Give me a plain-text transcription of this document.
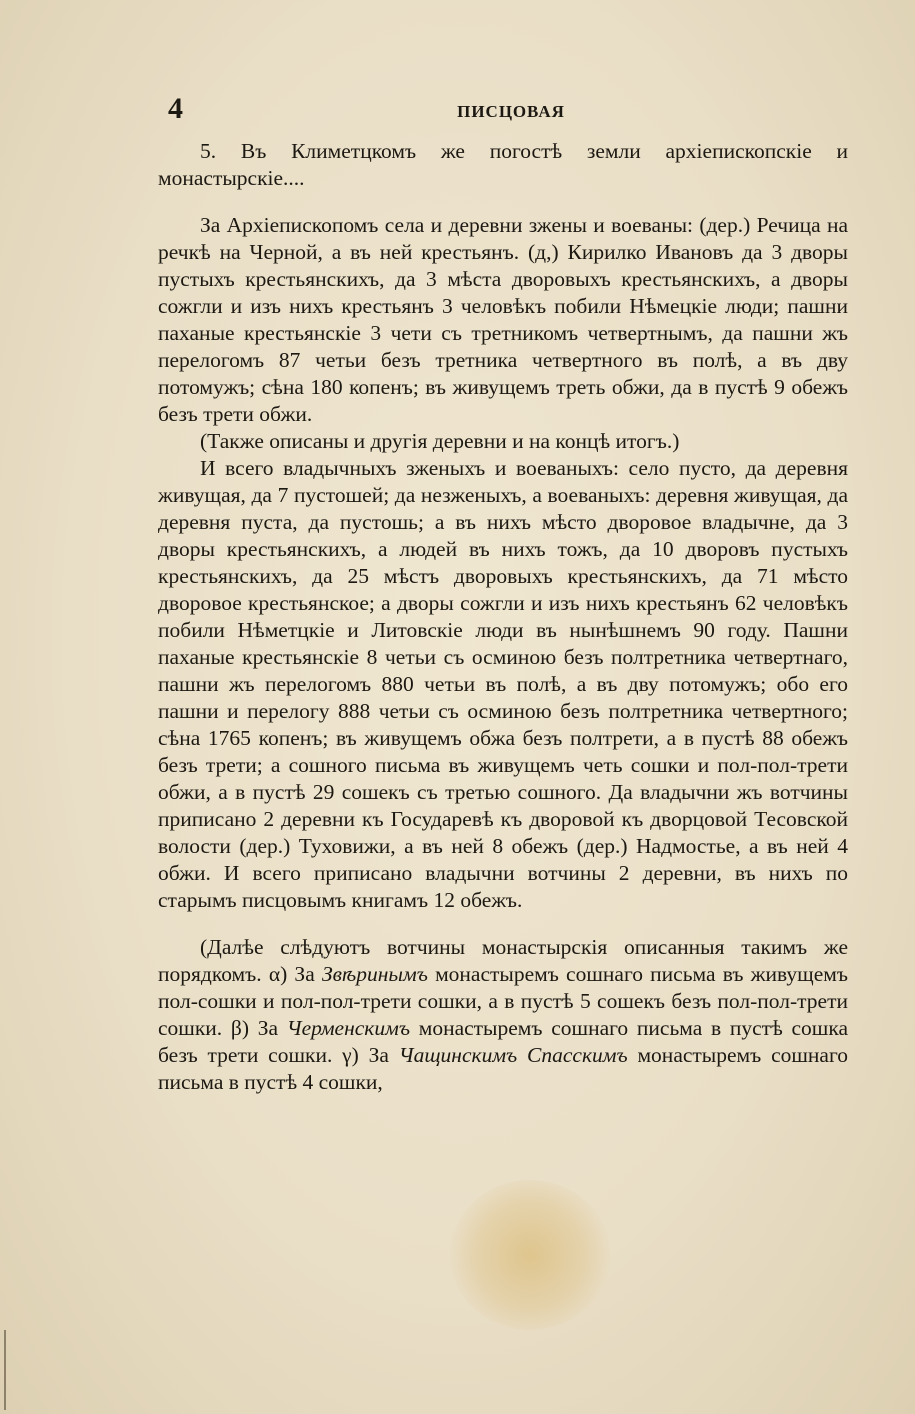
4	ПИСЦОВАЯ

5. Въ Климетцкомъ же погостѣ земли архіепископскіе и монастырскіе....

За Архіепископомъ села и деревни зжены и воеваны: (дер.) Речица на речкѣ на Черной, а въ ней крестьянъ. (д,) Кирилко Ивановъ да 3 дворы пустыхъ крестьянскихъ, да 3 мѣста дворовыхъ крестьянскихъ, а дворы сожгли и изъ нихъ крестьянъ 3 человѣкъ побили Нѣмецкіе люди; пашни паханые крестьянскіе 3 чети съ третникомъ четвертнымъ, да пашни жъ перелогомъ 87 четьи безъ третника четвертного въ полѣ, а въ дву потомужъ; сѣна 180 копенъ; въ живущемъ треть обжи, да в пустѣ 9 обежъ безъ трети обжи.

(Также описаны и другія деревни и на концѣ итогъ.)

И всего владычныхъ зженыхъ и воеваныхъ: село пусто, да деревня живущая, да 7 пустошей; да незженыхъ, а воеваныхъ: деревня живущая, да деревня пуста, да пустошь; а въ нихъ мѣсто дворовое владычне, да 3 дворы крестьянскихъ, а людей въ нихъ тожъ, да 10 дворовъ пустыхъ крестьянскихъ, да 25 мѣстъ дворовыхъ крестьянскихъ, да 71 мѣсто дворовое крестьянское; а дворы сожгли и изъ нихъ крестьянъ 62 человѣкъ побили Нѣметцкіе и Литовскіе люди въ нынѣшнемъ 90 году. Пашни паханые крестьянскіе 8 четьи съ осминою безъ полтретника четвертнаго, пашни жъ перелогомъ 880 четьи въ полѣ, а въ дву потомужъ; обо его пашни и перелогу 888 четьи съ осминою безъ полтретника четвертного; сѣна 1765 копенъ; въ живущемъ обжа безъ полтрети, а в пустѣ 88 обежъ безъ трети; а сошного письма въ живущемъ четь сошки и пол-пол-трети обжи, а в пустѣ 29 сошекъ съ третью сошного. Да владычни жъ вотчины приписано 2 деревни къ Государевѣ къ дворовой къ дворцовой Тесовской волости (дер.) Туховижи, а въ ней 8 обежъ (дер.) Надмостье, а въ ней 4 обжи. И всего приписано владычни вотчины 2 деревни, въ нихъ по старымъ писцовымъ книгамъ 12 обежъ.

(Далѣе слѣдуютъ вотчины монастырскія описанныя такимъ же порядкомъ. α) За Звѣринымъ монастыремъ сошнаго письма въ живущемъ пол-сошки и пол-пол-трети сошки, а в пустѣ 5 сошекъ безъ пол-пол-трети сошки. β) За Черменскимъ монастыремъ сошнаго письма в пустѣ сошка безъ трети сошки. γ) За Чащинскимъ Спасскимъ монастыремъ сошнаго письма в пустѣ 4 сошки,
